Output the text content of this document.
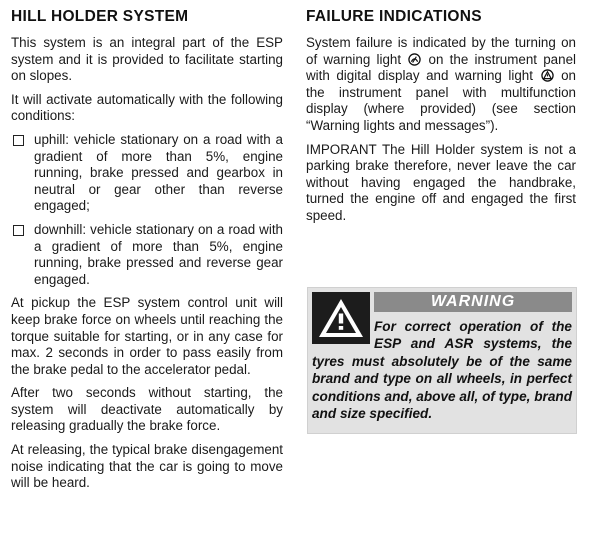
HILL HOLDER SYSTEM

This system is an integral part of the ESP system and it is provided to facilitate starting on slopes.

It will activate automatically with the following conditions:

uphill: vehicle stationary on a road with a gradient of more than 5%, engine running, brake pressed and gearbox in neutral or gear other than reverse engaged;

downhill: vehicle stationary on a road with a gradient of more than 5%, engine running, brake pressed and reverse gear engaged.

At pickup the ESP system control unit will keep brake force on wheels until reaching the torque suitable for starting, or in any case for max. 2 seconds in order to pass easily from the brake pedal to the accelerator pedal.

After two seconds without starting, the system will deactivate automatically by releasing gradually the brake force.

At releasing, the typical brake disengagement noise indicating that the car is going to move will be heard.

FAILURE INDICATIONS

System failure is indicated by the turning on of warning light on the instrument panel with digital display and warning light on the instrument panel with multifunction display (where provided) (see section “Warning lights and messages”).

IMPORANT The Hill Holder system is not a parking brake therefore, never leave the car without having engaged the handbrake, turned the engine off and engaged the first speed.

WARNING
For correct operation of the ESP and ASR systems, the tyres must absolutely be of the same brand and type on all wheels, in perfect conditions and, above all, of type, brand and size specified.
